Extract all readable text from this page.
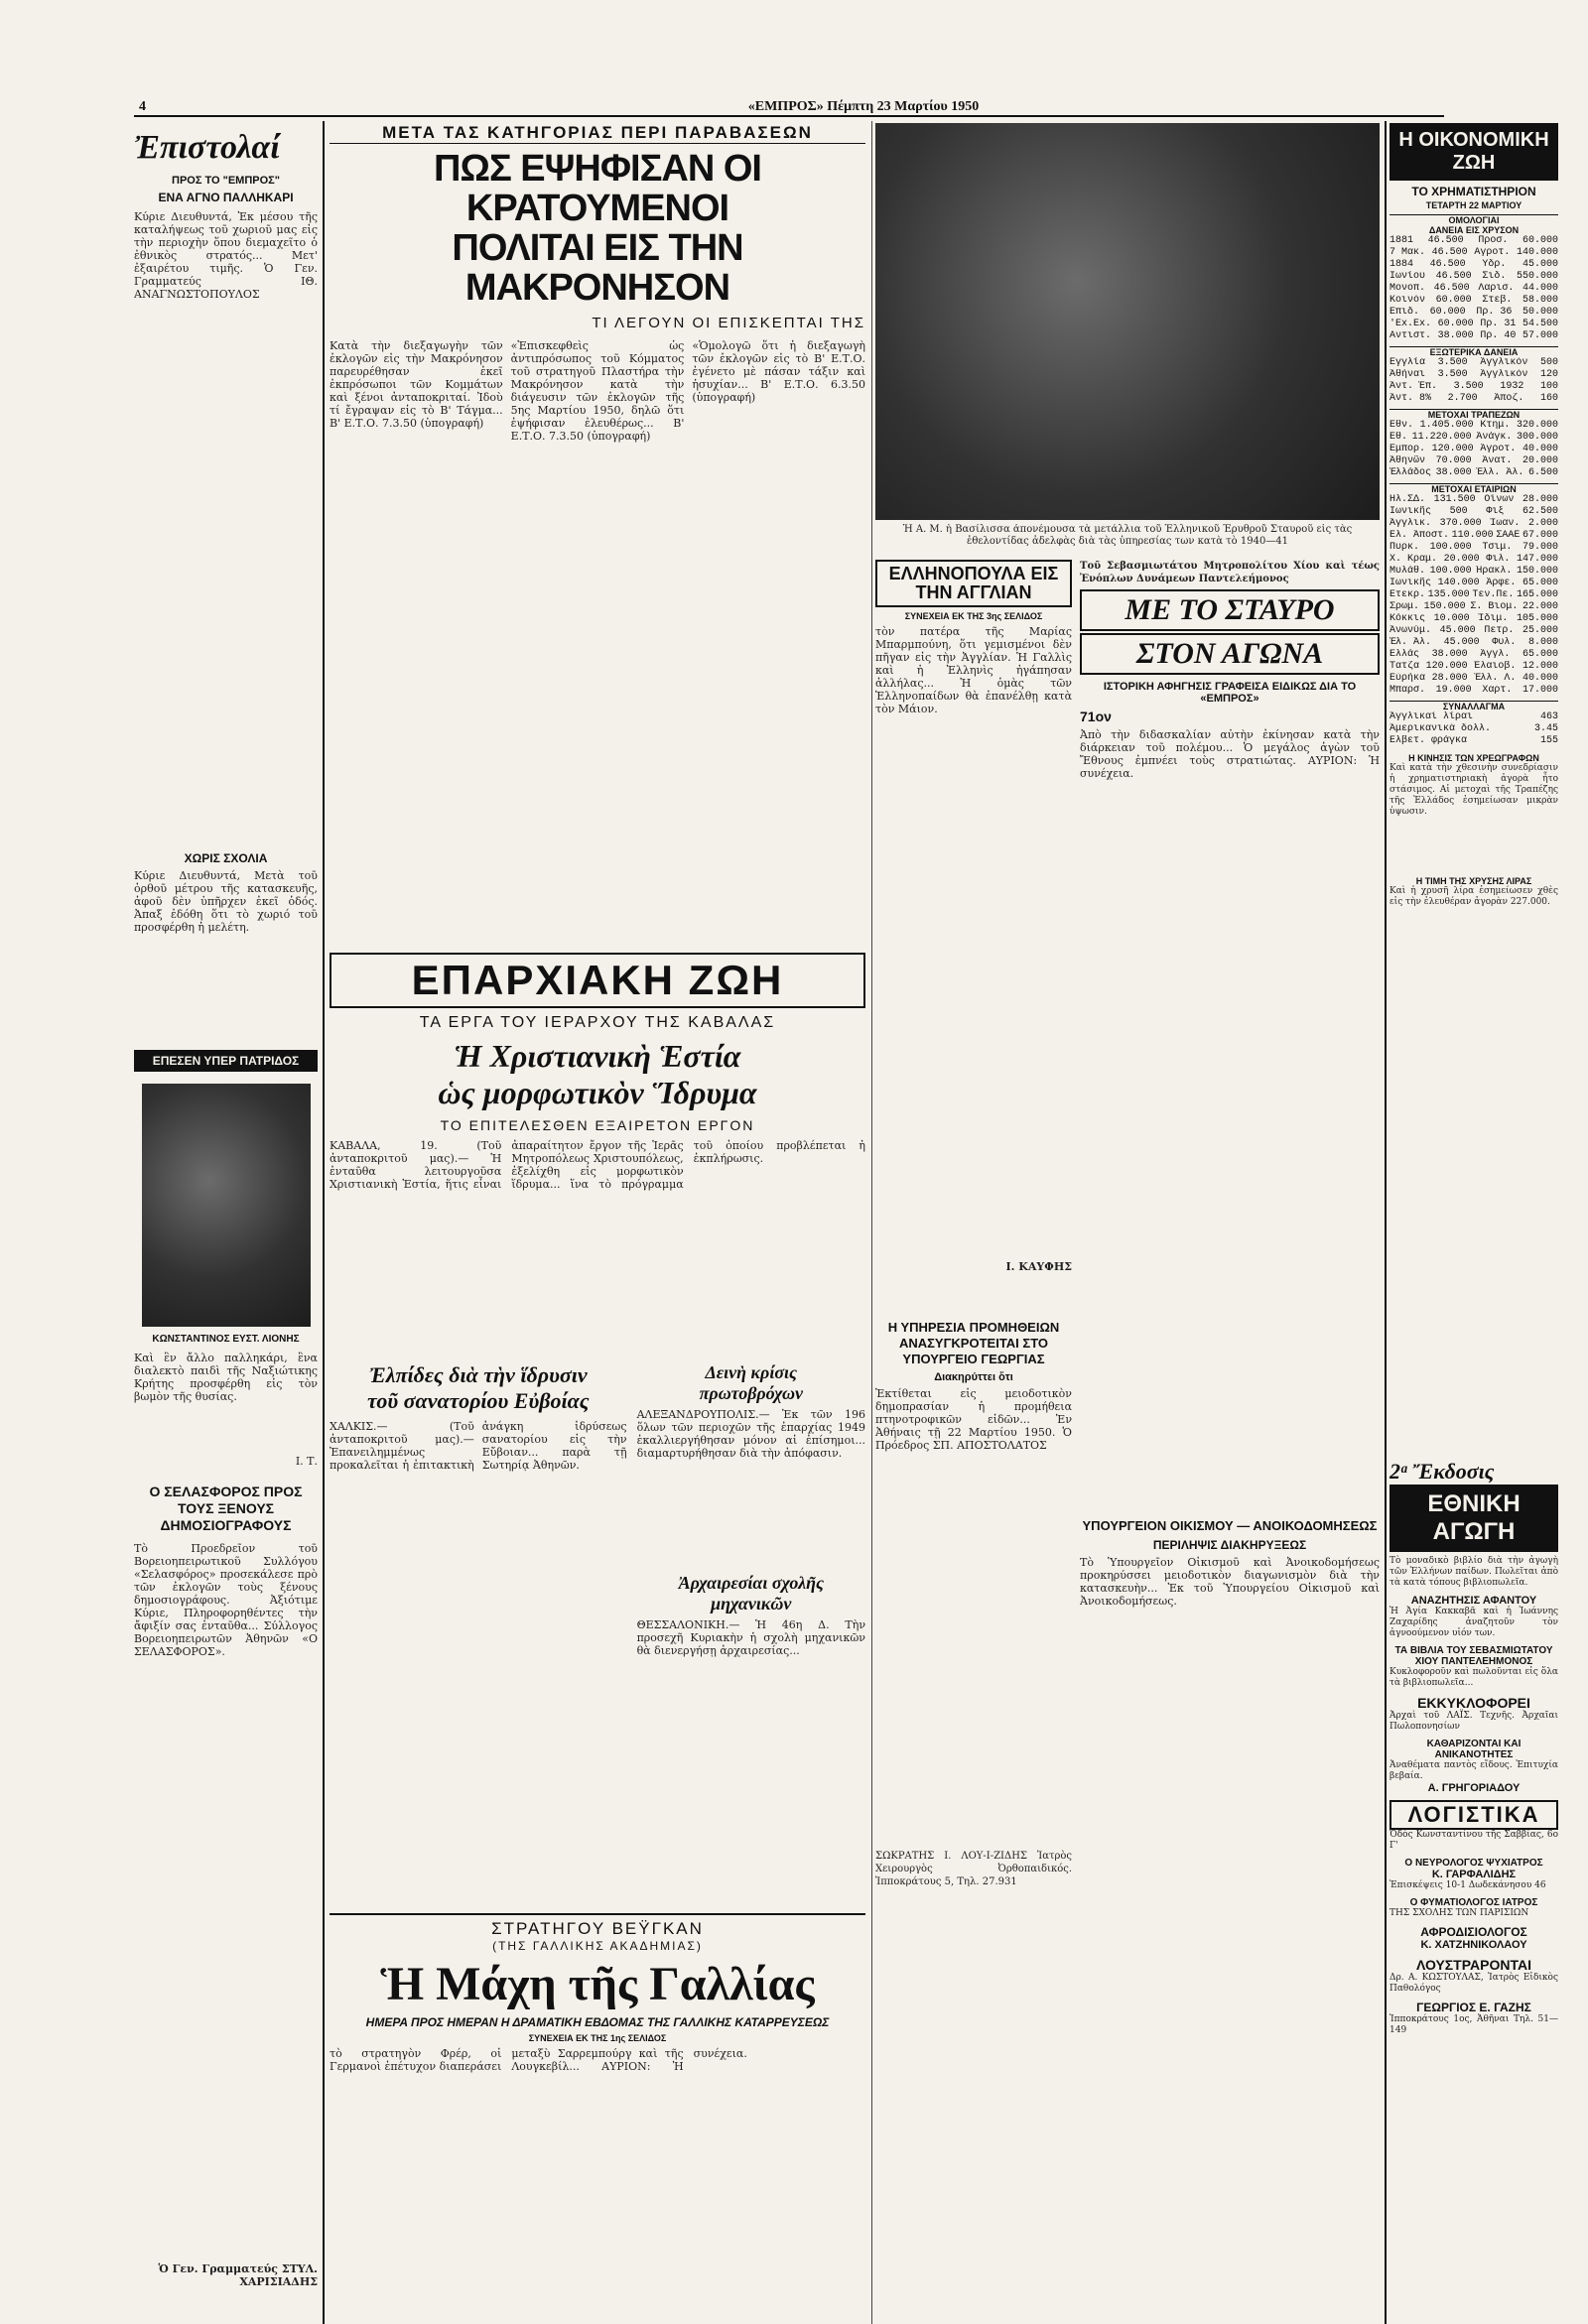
4	«ΕΜΠΡΟΣ» Πέμπτη 23 Μαρτίου 1950
Ἐπιστολαί
ΠΡΟΣ ΤΟ "ΕΜΠΡΟΣ"
ΕΝΑ ΑΓΝΟ ΠΑΛΛΗΚΑΡΙ
Κύριε Διευθυντά, Ἐκ μέσου τῆς καταλήψεως τοῦ χωριοῦ μας εἰς τὴν περιοχὴν ὅπου διεμαχεῖτο ὁ ἐθνικὸς στρατός... Μετ' ἐξαιρέτου τιμῆς. Ὁ Γεν. Γραμματεύς ΙΘ. ΑΝΑΓΝΩΣΤΟΠΟΥΛΟΣ
ΧΩΡΙΣ ΣΧΟΛΙΑ
Κύριε Διευθυντά, Μετὰ τοῦ ὀρθοῦ μέτρου τῆς κατασκευῆς, ἀφοῦ δὲν ὑπῆρχεν ἐκεῖ ὁδός. Ἀπαξ ἐδόθη ὅτι τὸ χωριό τοῦ προσφέρθη ἡ μελέτη.
ΕΠΕΣΕΝ ΥΠΕΡ ΠΑΤΡΙΔΟΣ
ΚΩΝΣΤΑΝΤΙΝΟΣ ΕΥΣΤ. ΛΙΟΝΗΣ
Καὶ ἓν ἄλλο παλληκάρι, ἓνα διαλεκτὸ παιδὶ τῆς Ναξιώτικης Κρήτης προσφέρθη εἰς τὸν βωμὸν τῆς θυσίας.
Ι. Τ.
Ο ΣΕΛΑΣΦΟΡΟΣ ΠΡΟΣ ΤΟΥΣ ΞΕΝΟΥΣ ΔΗΜΟΣΙΟΓΡΑΦΟΥΣ
Τὸ Προεδρεῖον τοῦ Βορειοηπειρωτικοῦ Συλλόγου «Σελασφόρος» προσεκάλεσε πρὸ τῶν ἐκλογῶν τοὺς ξένους δημοσιογράφους. Ἀξιότιμε Κύριε, Πληροφορηθέντες τὴν ἄφιξίν σας ἐνταῦθα... Σύλλογος Βορειοηπειρωτῶν Ἀθηνῶν «Ο ΣΕΛΑΣΦΟΡΟΣ».
Ὁ Γεν. Γραμματεύς ΣΤΥΛ. ΧΑΡΙΣΙΑΔΗΣ
ΜΕΤΑ ΤΑΣ ΚΑΤΗΓΟΡΙΑΣ ΠΕΡΙ ΠΑΡΑΒΑΣΕΩΝ
ΠΩΣ ΕΨΗΦΙΣΑΝ ΟΙ ΚΡΑΤΟΥΜΕΝΟΙ
ΠΟΛΙΤΑΙ ΕΙΣ ΤΗΝ ΜΑΚΡΟΝΗΣΟΝ
ΤΙ ΛΕΓΟΥΝ ΟΙ ΕΠΙΣΚΕΠΤΑΙ ΤΗΣ
Κατὰ τὴν διεξαγωγὴν τῶν ἐκλογῶν εἰς τὴν Μακρόνησον παρευρέθησαν ἐκεῖ ἐκπρόσωποι τῶν Κομμάτων καὶ ξένοι ἀνταποκριταί. Ἰδοὺ τί ἔγραψαν εἰς τὸ Β' Τάγμα... Β' Ε.Τ.Ο. 7.3.50 (ὑπογραφή)
«Ἐπισκεφθεὶς ὡς ἀντιπρόσωπος τοῦ Κόμματος τοῦ στρατηγοῦ Πλαστήρα τὴν Μακρόνησον κατὰ τὴν διάγευσιν τῶν ἐκλογῶν τῆς 5ης Μαρτίου 1950, δηλῶ ὅτι ἐψήφισαν ἐλευθέρως... Β' Ε.Τ.Ο. 7.3.50 (ὑπογραφή)
«Ὁμολογῶ ὅτι ἡ διεξαγωγὴ τῶν ἐκλογῶν εἰς τὸ Β' Ε.Τ.Ο. ἐγένετο μὲ πάσαν τάξιν καὶ ἡσυχίαν... Β' Ε.Τ.Ο. 6.3.50 (ὑπογραφή)
Ἡ Α. Μ. ἡ Βασίλισσα ἀπονέμουσα τὰ μετάλλια τοῦ Ἑλληνικοῦ Ἐρυθροῦ Σταυροῦ εἰς τὰς ἐθελοντίδας ἀδελφὰς διὰ τὰς ὑπηρεσίας των κατὰ τὸ 1940—41
ΕΛΛΗΝΟΠΟΥΛΑ ΕΙΣ ΤΗΝ ΑΓΓΛΙΑΝ
ΣΥΝΕΧΕΙΑ ΕΚ ΤΗΣ 3ης ΣΕΛΙΔΟΣ
τὸν πατέρα τῆς Μαρίας Μπαρμπούνη, ὅτι γεμισμένοι δὲν πῆγαν εἰς τὴν Ἀγγλίαν. Ἡ Γαλλὶς καὶ ἡ Ἑλληνὶς ἠγάπησαν ἀλλήλας... Ἡ ὁμὰς τῶν Ἑλληνοπαίδων θὰ ἐπανέλθῃ κατὰ τὸν Μάιον.
Ι. ΚΑΥΦΗΣ
Τοῦ Σεβασμιωτάτου Μητροπολίτου Χίου καὶ τέως Ἐνόπλων Δυνάμεων Παντελεήμονος
ΜΕ ΤΟ ΣΤΑΥΡΟ
ΣΤΟΝ ΑΓΩΝΑ
ΙΣΤΟΡΙΚΗ ΑΦΗΓΗΣΙΣ ΓΡΑΦΕΙΣΑ ΕΙΔΙΚΩΣ ΔΙΑ ΤΟ «ΕΜΠΡΟΣ»
71ον
Ἀπὸ τὴν διδασκαλίαν αὐτὴν ἐκίνησαν κατὰ τὴν διάρκειαν τοῦ πολέμου... Ὁ μεγάλος ἀγὼν τοῦ Ἔθνους ἐμπνέει τοὺς στρατιώτας. ΑΥΡΙΟΝ: Ἡ συνέχεια.
Η ΥΠΗΡΕΣΙΑ ΠΡΟΜΗΘΕΙΩΝ ΑΝΑΣΥΓΚΡΟΤΕΙΤΑΙ ΣΤΟ ΥΠΟΥΡΓΕΙΟ ΓΕΩΡΓΙΑΣ
Διακηρύττει ὅτι
Ἐκτίθεται εἰς μειοδοτικὸν δημοπρασίαν ἡ προμήθεια πτηνοτροφικῶν εἰδῶν... Ἐν Ἀθήναις τῇ 22 Μαρτίου 1950. Ὁ Πρόεδρος ΣΠ. ΑΠΟΣΤΟΛΑΤΟΣ
ΣΩΚΡΑΤΗΣ Ι. ΛΟΥ-Ι-ΖΙΔΗΣ Ἰατρὸς Χειρουργὸς Ὀρθοπαιδικός. Ἰπποκράτους 5, Τηλ. 27.931
ΕΠΑΡΧΙΑΚΗ ΖΩΗ
ΤΑ ΕΡΓΑ ΤΟΥ ΙΕΡΑΡΧΟΥ ΤΗΣ ΚΑΒΑΛΑΣ
Ἡ Χριστιανικὴ Ἑστία
ὡς μορφωτικὸν Ἵδρυμα
ΤΟ ΕΠΙΤΕΛΕΣΘΕΝ ΕΞΑΙΡΕΤΟΝ ΕΡΓΟΝ
ΚΑΒΑΛΑ, 19. (Τοῦ ἀνταποκριτοῦ μας).— Ἡ ἐνταῦθα λειτουργοῦσα Χριστιανικὴ Ἑστία, ἥτις εἶναι ἀπαραίτητον ἔργον τῆς Ἱερᾶς Μητροπόλεως Χριστουπόλεως, ἐξελίχθη εἰς μορφωτικὸν ἵδρυμα... ἵνα τὸ πρόγραμμα τοῦ ὁποίου προβλέπεται ἡ ἐκπλήρωσις.
Ἐλπίδες διὰ τὴν ἵδρυσιν
τοῦ σανατορίου Εὐβοίας
ΧΑΛΚΙΣ.— (Τοῦ ἀνταποκριτοῦ μας).— Ἐπανειλημμένως προκαλεῖται ἡ ἐπιτακτικὴ ἀνάγκη ἱδρύσεως σανατορίου εἰς τὴν Εὔβοιαν... παρὰ τῇ Σωτηρίᾳ Ἀθηνῶν.
Δεινὴ κρίσις
πρωτοβρόχων
ΑΛΕΞΑΝΔΡΟΥΠΟΛΙΣ.— Ἐκ τῶν 196 ὅλων τῶν περιοχῶν τῆς ἐπαρχίας 1949 ἐκαλλιεργήθησαν μόνον αἱ ἐπίσημοι... διαμαρτυρήθησαν διὰ τὴν ἀπόφασιν.
Ἀρχαιρεσίαι σχολῆς
μηχανικῶν
ΘΕΣΣΑΛΟΝΙΚΗ.— Ἡ 46η Δ. Τὴν προσεχῆ Κυριακὴν ἡ σχολὴ μηχανικῶν θὰ διενεργήσῃ ἀρχαιρεσίας...
ΣΤΡΑΤΗΓΟΥ ΒΕΫΓΚΑΝ
(ΤΗΣ ΓΑΛΛΙΚΗΣ ΑΚΑΔΗΜΙΑΣ)
Ἡ Μάχη τῆς Γαλλίας
ΗΜΕΡΑ ΠΡΟΣ ΗΜΕΡΑΝ Η ΔΡΑΜΑΤΙΚΗ ΕΒΔΟΜΑΣ ΤΗΣ ΓΑΛΛΙΚΗΣ ΚΑΤΑΡΡΕΥΣΕΩΣ
ΣΥΝΕΧΕΙΑ ΕΚ ΤΗΣ 1ης ΣΕΛΙΔΟΣ
τὸ στρατηγὸν Φρέρ, οἱ Γερμανοὶ ἐπέτυχον διαπεράσει μεταξὺ Σαρρεμπούργ καὶ τῆς Λουγκεβίλ... ΑΥΡΙΟΝ: Ἡ συνέχεια.
ΥΠΟΥΡΓΕΙΟΝ ΟΙΚΙΣΜΟΥ — ΑΝΟΙΚΟΔΟΜΗΣΕΩΣ
ΠΕΡΙΛΗΨΙΣ ΔΙΑΚΗΡΥΞΕΩΣ
Τὸ Ὑπουργεῖον Οἰκισμοῦ καὶ Ἀνοικοδομήσεως προκηρύσσει μειοδοτικὸν διαγωνισμὸν διὰ τὴν κατασκευὴν... Ἐκ τοῦ Ὑπουργείου Οἰκισμοῦ καὶ Ἀνοικοδομήσεως.
Η ΟΙΚΟΝΟΜΙΚΗ ΖΩΗ
ΤΟ ΧΡΗΜΑΤΙΣΤΗΡΙΟΝ
ΤΕΤΑΡΤΗ 22 ΜΑΡΤΙΟΥ
ΟΜΟΛΟΓΙΑΙ
ΔΑΝΕΙΑ ΕΙΣ ΧΡΥΣΟΝ
1881 46.500 Προσ. 60.000
7 Μακ. 46.500 Αγροτ. 140.000
1884 46.500 Ὑδρ. 45.000
Ἰωνίου 46.500 Σιδ. 550.000
Μονοπ. 46.500 Λαρισ. 44.000
Κοινὸν 60.000 Στεβ. 58.000
Ἐπιδ. 60.000 Πρ. 36 50.000
'Ex.Ex. 60.000 Πρ. 31 54.500
Αντιστ. 38.000 Πρ. 40 57.000
ΕΞΩΤΕΡΙΚΑ ΔΑΝΕΙΑ
Ἐγγλία 3.500 Ἀγγλικὸν 500
Ἀθήναι 3.500 Ἀγγλικὸν 120
Ἀντ. Ἐπ. 3.500 1932 100
Ἀντ. 8% 2.700 Ἀποζ. 160
ΜΕΤΟΧΑΙ ΤΡΑΠΕΖΩΝ
Ἐθν. 1.405.000 Κτημ. 320.000
Ἐθ. 11.220.000 Ἀνάγκ. 300.000
Ἐμπορ. 120.000 Ἀγροτ. 40.000
Ἀθηνῶν 70.000 Ἀνατ. 20.000
Ἑλλάδος 38.000 Ἑλλ. Ἀλ. 6.500
ΜΕΤΟΧΑΙ ΕΤΑΙΡΙΩΝ
Ἠλ.ΣΔ. 131.500 Οἴνων 28.000
Ἰωνικῆς 500 Φιξ 62.500
Ἀγγλικ. 370.000 Ἰωαν. 2.000
Ἐλ. Ἀποστ. 110.000 ΣΑΑΕ 67.000
Πυρκ. 100.000 Τσιμ. 79.000
Χ. Κραμ. 20.000 Φιλ. 147.000
Μυλάθ. 100.000 Ἠρακλ. 150.000
Ἰωνικῆς 140.000 Ἀρφε. 65.000
Ἔτεκρ. 135.000 Τεν.Πε. 165.000
Σρωμ. 150.000 Σ. Βιομ. 22.000
Κόκκις 10.000 Ἰδιμ. 105.000
Ἀνωνύμ. 45.000 Πετρ. 25.000
Ἑλ. Ἀλ. 45.000 Φυλ. 8.000
Ἐλλάς 38.000 Ἀγγλ. 65.000
Τατζα 120.000 Ἐλαιοβ. 12.000
Εὐρήκα 28.000 Ἑλλ. Λ. 40.000
Μπαρσ. 19.000 Χαρτ. 17.000
ΣΥΝΑΛΛΑΓΜΑ
Ἀγγλικαὶ λίραι	463
Ἀμερικανικὰ δολλ.	3.45
Ἐλβετ. φράγκα	155
Η ΚΙΝΗΣΙΣ ΤΩΝ ΧΡΕΩΓΡΑΦΩΝ
Καὶ κατὰ τὴν χθεσινὴν συνεδρίασιν ἡ χρηματιστηριακὴ ἀγορὰ ἦτο στάσιμος. Αἱ μετοχαὶ τῆς Τραπέζης τῆς Ἑλλάδος ἐσημείωσαν μικρὰν ὑψωσιν.
Η ΤΙΜΗ ΤΗΣ ΧΡΥΣΗΣ ΛΙΡΑΣ
Καὶ ἡ χρυσῆ λίρα ἐσημείωσεν χθὲς εἰς τὴν ἐλευθέραν ἀγορὰν 227.000.
2ᵃ Ἔκδοσις
ΕΘΝΙΚΗ ΑΓΩΓΗ
Τὸ μοναδικὸ βιβλίο διὰ τὴν ἀγωγὴ τῶν Ἑλλήνων παίδων. Πωλεῖται ἀπὸ τὰ κατὰ τόπους βιβλιοπωλεῖα.
ΑΝΑΖΗΤΗΣΙΣ ΑΦΑΝΤΟΥ
Ἡ Ἀγία Κακκαβᾶ καὶ ἡ Ἰωάννης Ζαχαρίδης ἀναζητοῦν τὸν ἀγνοούμενον υἱόν των.
ΤΑ ΒΙΒΛΙΑ ΤΟΥ ΣΕΒΑΣΜΙΩΤΑΤΟΥ ΧΙΟΥ ΠΑΝΤΕΛΕΗΜΟΝΟΣ
Κυκλοφοροῦν καὶ πωλοῦνται εἰς ὅλα τὰ βιβλιοπωλεῖα...
ΕΚΚΥΚΛΟΦΟΡΕΙ
Ἀρχαὶ τοῦ ΛΑΪΣ. Τεχνῆς. Ἀρχαῖαι Πωλοπονησίων
ΚΑΘΑΡΙΖΟΝΤΑΙ ΚΑΙ ΑΝΙΚΑΝΟΤΗΤΕΣ
Ἀναθέματα παντὸς εἴδους. Ἐπιτυχία βεβαία.
Α. ΓΡΗΓΟΡΙΑΔΟΥ
ΛΟΓΙΣΤΙΚΑ
Ὁδὸς Κωνσταντίνου τῆς Σαββίας, 6ο Γ'
Ο ΝΕΥΡΟΛΟΓΟΣ ΨΥΧΙΑΤΡΟΣ
Κ. ΓΑΡΦΑΛΙΔΗΣ
Ἐπισκέψεις 10-1 Δωδεκάνησου 46
Ο ΦΥΜΑΤΙΟΛΟΓΟΣ ΙΑΤΡΟΣ
ΤΗΣ ΣΧΟΛΗΣ ΤΩΝ ΠΑΡΙΣΙΩΝ
ΑΦΡΟΔΙΣΙΟΛΟΓΟΣ
Κ. ΧΑΤΖΗΝΙΚΟΛΑΟΥ
ΛΟΥΣΤΡΑΡΟΝΤΑΙ
Δρ. Α. ΚΩΣΤΟΥΛΑΣ, Ἰατρὸς Εἰδικὸς Παθολόγος
ΓΕΩΡΓΙΟΣ Ε. ΓΑΖΗΣ
Ἱπποκράτους 1ος, Ἀθῆναι Τηλ. 51—149
